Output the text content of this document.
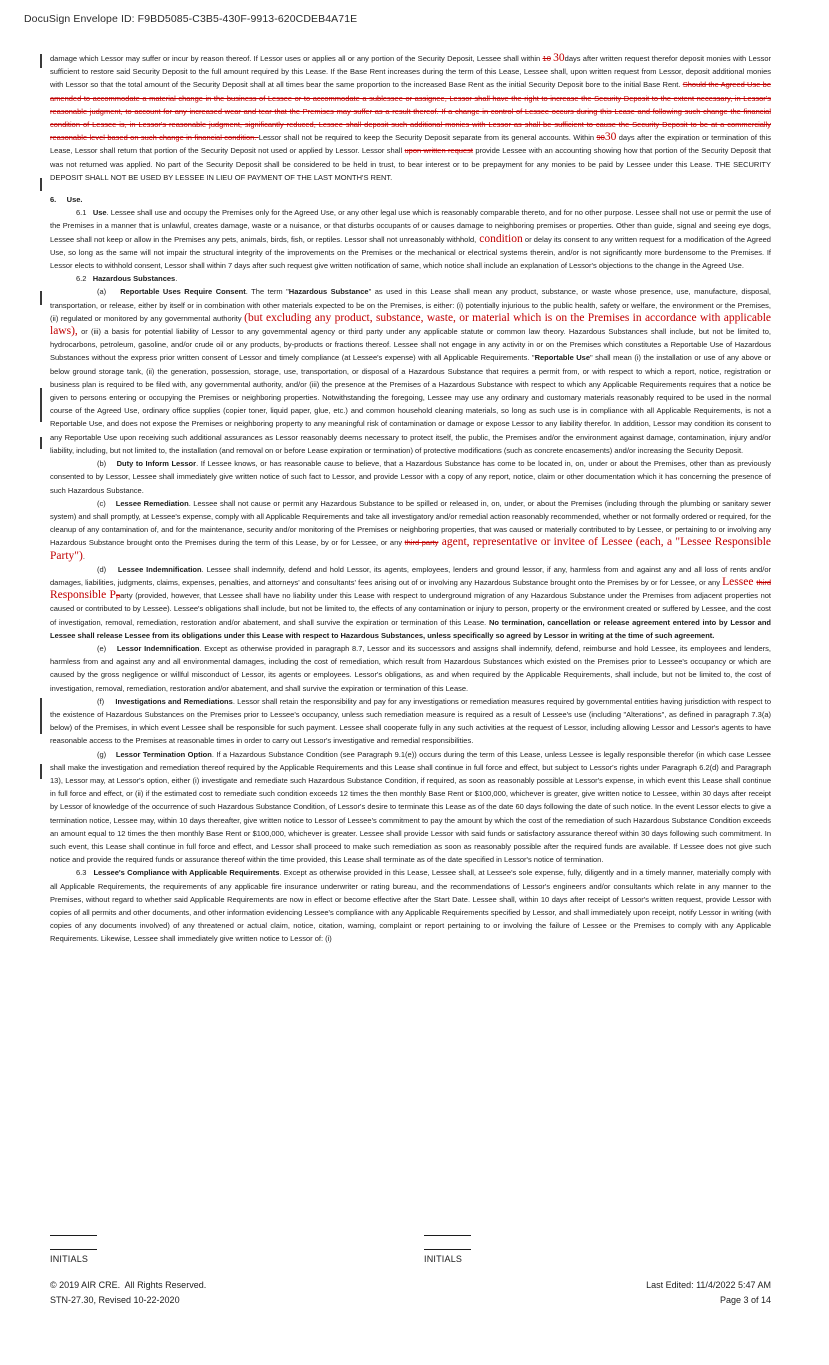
DocuSign Envelope ID: F9BD5085-C3B5-430F-9913-620CDEB4A71E

damage which Lessor may suffer or incur by reason thereof. If Lessor uses or applies all or any portion of the Security Deposit, Lessee shall within 10 30days after written request therefor deposit monies with Lessor sufficient to restore said Security Deposit to the full amount required by this Lease. If the Base Rent increases during the term of this Lease, Lessee shall, upon written request from Lessor, deposit additional monies with Lessor so that the total amount of the Security Deposit shall at all times bear the same proportion to the increased Base Rent as the initial Security Deposit bore to the initial Base Rent. Should the Agreed Use be amended to accommodate a material change in the business of Lessee or to accommodate a sublessee or assignee, Lessor shall have the right to increase the Security Deposit to the extent necessary, in Lessor's reasonable judgment, to account for any increased wear and tear that the Premises may suffer as a result thereof. If a change in control of Lessee occurs during this Lease and following such change the financial condition of Lessee is, in Lessor's reasonable judgment, significantly reduced, Lessee shall deposit such additional monies with Lessor as shall be sufficient to cause the Security Deposit to be at a commercially reasonable level based on such change in financial condition. Lessor shall not be required to keep the Security Deposit separate from its general accounts. Within 9030 days after the expiration or termination of this Lease, Lessor shall return that portion of the Security Deposit not used or applied by Lessor. Lessor shall upon written request provide Lessee with an accounting showing how that portion of the Security Deposit that was not returned was applied. No part of the Security Deposit shall be considered to be held in trust, to bear interest or to be prepayment for any monies to be paid by Lessee under this Lease. THE SECURITY DEPOSIT SHALL NOT BE USED BY LESSEE IN LIEU OF PAYMENT OF THE LAST MONTH'S RENT.

6.     Use.

6.1   Use. Lessee shall use and occupy the Premises only for the Agreed Use, or any other legal use which is reasonably comparable thereto, and for no other purpose. Lessee shall not use or permit the use of the Premises in a manner that is unlawful, creates damage, waste or a nuisance, or that disturbs occupants of or causes damage to neighboring premises or properties. Other than guide, signal and seeing eye dogs, Lessee shall not keep or allow in the Premises any pets, animals, birds, fish, or reptiles. Lessor shall not unreasonably withhold, condition or delay its consent to any written request for a modification of the Agreed Use, so long as the same will not impair the structural integrity of the improvements on the Premises or the mechanical or electrical systems therein, and/or is not significantly more burdensome to the Premises. If Lessor elects to withhold consent, Lessor shall within 7 days after such request give written notification of same, which notice shall include an explanation of Lessor's objections to the change in the Agreed Use.

6.2   Hazardous Substances.

(a)    Reportable Uses Require Consent. The term "Hazardous Substance" as used in this Lease shall mean any product, substance, or waste whose presence, use, manufacture, disposal, transportation, or release, either by itself or in combination with other materials expected to be on the Premises, is either: (i) potentially injurious to the public health, safety or welfare, the environment or the Premises, (ii) regulated or monitored by any governmental authority (but excluding any product, substance, waste, or material which is on the Premises in accordance with applicable laws), or (iii) a basis for potential liability of Lessor to any governmental agency or third party under any applicable statute or common law theory. Hazardous Substances shall include, but not be limited to, hydrocarbons, petroleum, gasoline, and/or crude oil or any products, by-products or fractions thereof. Lessee shall not engage in any activity in or on the Premises which constitutes a Reportable Use of Hazardous Substances without the express prior written consent of Lessor and timely compliance (at Lessee's expense) with all Applicable Requirements. "Reportable Use" shall mean (i) the installation or use of any above or below ground storage tank, (ii) the generation, possession, storage, use, transportation, or disposal of a Hazardous Substance that requires a permit from, or with respect to which a report, notice, registration or business plan is required to be filed with, any governmental authority, and/or (iii) the presence at the Premises of a Hazardous Substance with respect to which any Applicable Requirements requires that a notice be given to persons entering or occupying the Premises or neighboring properties. Notwithstanding the foregoing, Lessee may use any ordinary and customary materials reasonably required to be used in the normal course of the Agreed Use, ordinary office supplies (copier toner, liquid paper, glue, etc.) and common household cleaning materials, so long as such use is in compliance with all Applicable Requirements, is not a Reportable Use, and does not expose the Premises or neighboring property to any meaningful risk of contamination or damage or expose Lessor to any liability therefor. In addition, Lessor may condition its consent to any Reportable Use upon receiving such additional assurances as Lessor reasonably deems necessary to protect itself, the public, the Premises and/or the environment against damage, contamination, injury and/or liability, including, but not limited to, the installation (and removal on or before Lease expiration or termination) of protective modifications (such as concrete encasements) and/or increasing the Security Deposit.

(b)    Duty to Inform Lessor. If Lessee knows, or has reasonable cause to believe, that a Hazardous Substance has come to be located in, on, under or about the Premises, other than as previously consented to by Lessor, Lessee shall immediately give written notice of such fact to Lessor, and provide Lessor with a copy of any report, notice, claim or other documentation which it has concerning the presence of such Hazardous Substance.

(c)    Lessee Remediation. Lessee shall not cause or permit any Hazardous Substance to be spilled or released in, on, under, or about the Premises (including through the plumbing or sanitary sewer system) and shall promptly, at Lessee's expense, comply with all Applicable Requirements and take all investigatory and/or remedial action reasonably recommended, whether or not formally ordered or required, for the cleanup of any contamination of, and for the maintenance, security and/or monitoring of the Premises or neighboring properties, that was caused or materially contributed to by Lessee, or pertaining to or involving any Hazardous Substance brought onto the Premises during the term of this Lease, by or for Lessee, or any third party agent, representative or invitee of Lessee (each, a "Lessee Responsible Party").

(d)    Lessee Indemnification. Lessee shall indemnify, defend and hold Lessor, its agents, employees, lenders and ground lessor, if any, harmless from and against any and all loss of rents and/or damages, liabilities, judgments, claims, expenses, penalties, and attorneys' and consultants' fees arising out of or involving any Hazardous Substance brought onto the Premises by or for Lessee, or any Lessee third Responsible Pparty (provided, however, that Lessee shall have no liability under this Lease with respect to underground migration of any Hazardous Substance under the Premises from adjacent properties not caused or contributed to by Lessee). Lessee's obligations shall include, but not be limited to, the effects of any contamination or injury to person, property or the environment created or suffered by Lessee, and the cost of investigation, removal, remediation, restoration and/or abatement, and shall survive the expiration or termination of this Lease. No termination, cancellation or release agreement entered into by Lessor and Lessee shall release Lessee from its obligations under this Lease with respect to Hazardous Substances, unless specifically so agreed by Lessor in writing at the time of such agreement.

(e)    Lessor Indemnification. Except as otherwise provided in paragraph 8.7, Lessor and its successors and assigns shall indemnify, defend, reimburse and hold Lessee, its employees and lenders, harmless from and against any and all environmental damages, including the cost of remediation, which result from Hazardous Substances which existed on the Premises prior to Lessee's occupancy or which are caused by the gross negligence or willful misconduct of Lessor, its agents or employees. Lessor's obligations, as and when required by the Applicable Requirements, shall include, but not be limited to, the cost of investigation, removal, remediation, restoration and/or abatement, and shall survive the expiration or termination of this Lease.

(f)     Investigations and Remediations. Lessor shall retain the responsibility and pay for any investigations or remediation measures required by governmental entities having jurisdiction with respect to the existence of Hazardous Substances on the Premises prior to Lessee's occupancy, unless such remediation measure is required as a result of Lessee's use (including "Alterations", as defined in paragraph 7.3(a) below) of the Premises, in which event Lessee shall be responsible for such payment. Lessee shall cooperate fully in any such activities at the request of Lessor, including allowing Lessor and Lessor's agents to have reasonable access to the Premises at reasonable times in order to carry out Lessor's investigative and remedial responsibilities.

(g)    Lessor Termination Option. If a Hazardous Substance Condition (see Paragraph 9.1(e)) occurs during the term of this Lease, unless Lessee is legally responsible therefor (in which case Lessee shall make the investigation and remediation thereof required by the Applicable Requirements and this Lease shall continue in full force and effect, but subject to Lessor's rights under Paragraph 6.2(d) and Paragraph 13), Lessor may, at Lessor's option, either (i) investigate and remediate such Hazardous Substance Condition, if required, as soon as reasonably possible at Lessor's expense, in which event this Lease shall continue in full force and effect, or (ii) if the estimated cost to remediate such condition exceeds 12 times the then monthly Base Rent or $100,000, whichever is greater, give written notice to Lessee, within 30 days after receipt by Lessor of knowledge of the occurrence of such Hazardous Substance Condition, of Lessor's desire to terminate this Lease as of the date 60 days following the date of such notice. In the event Lessor elects to give a termination notice, Lessee may, within 10 days thereafter, give written notice to Lessor of Lessee's commitment to pay the amount by which the cost of the remediation of such Hazardous Substance Condition exceeds an amount equal to 12 times the then monthly Base Rent or $100,000, whichever is greater. Lessee shall provide Lessor with said funds or satisfactory assurance thereof within 30 days following such commitment. In such event, this Lease shall continue in full force and effect, and Lessor shall proceed to make such remediation as soon as reasonably possible after the required funds are available. If Lessee does not give such notice and provide the required funds or assurance thereof within the time provided, this Lease shall terminate as of the date specified in Lessor's notice of termination.

6.3   Lessee's Compliance with Applicable Requirements. Except as otherwise provided in this Lease, Lessee shall, at Lessee's sole expense, fully, diligently and in a timely manner, materially comply with all Applicable Requirements, the requirements of any applicable fire insurance underwriter or rating bureau, and the recommendations of Lessor's engineers and/or consultants which relate in any manner to the Premises, without regard to whether said Applicable Requirements are now in effect or become effective after the Start Date. Lessee shall, within 10 days after receipt of Lessor's written request, provide Lessor with copies of all permits and other documents, and other information evidencing Lessee's compliance with any Applicable Requirements specified by Lessor, and shall immediately upon receipt, notify Lessor in writing (with copies of any documents involved) of any threatened or actual claim, notice, citation, warning, complaint or report pertaining to or involving the failure of Lessee or the Premises to comply with any Applicable Requirements. Likewise, Lessee shall immediately give written notice to Lessor of: (i)

INITIALS	INITIALS
© 2019 AIR CRE.  All Rights Reserved.	Last Edited: 11/4/2022 5:47 AM
STN-27.30, Revised 10-22-2020	Page 3 of 14
